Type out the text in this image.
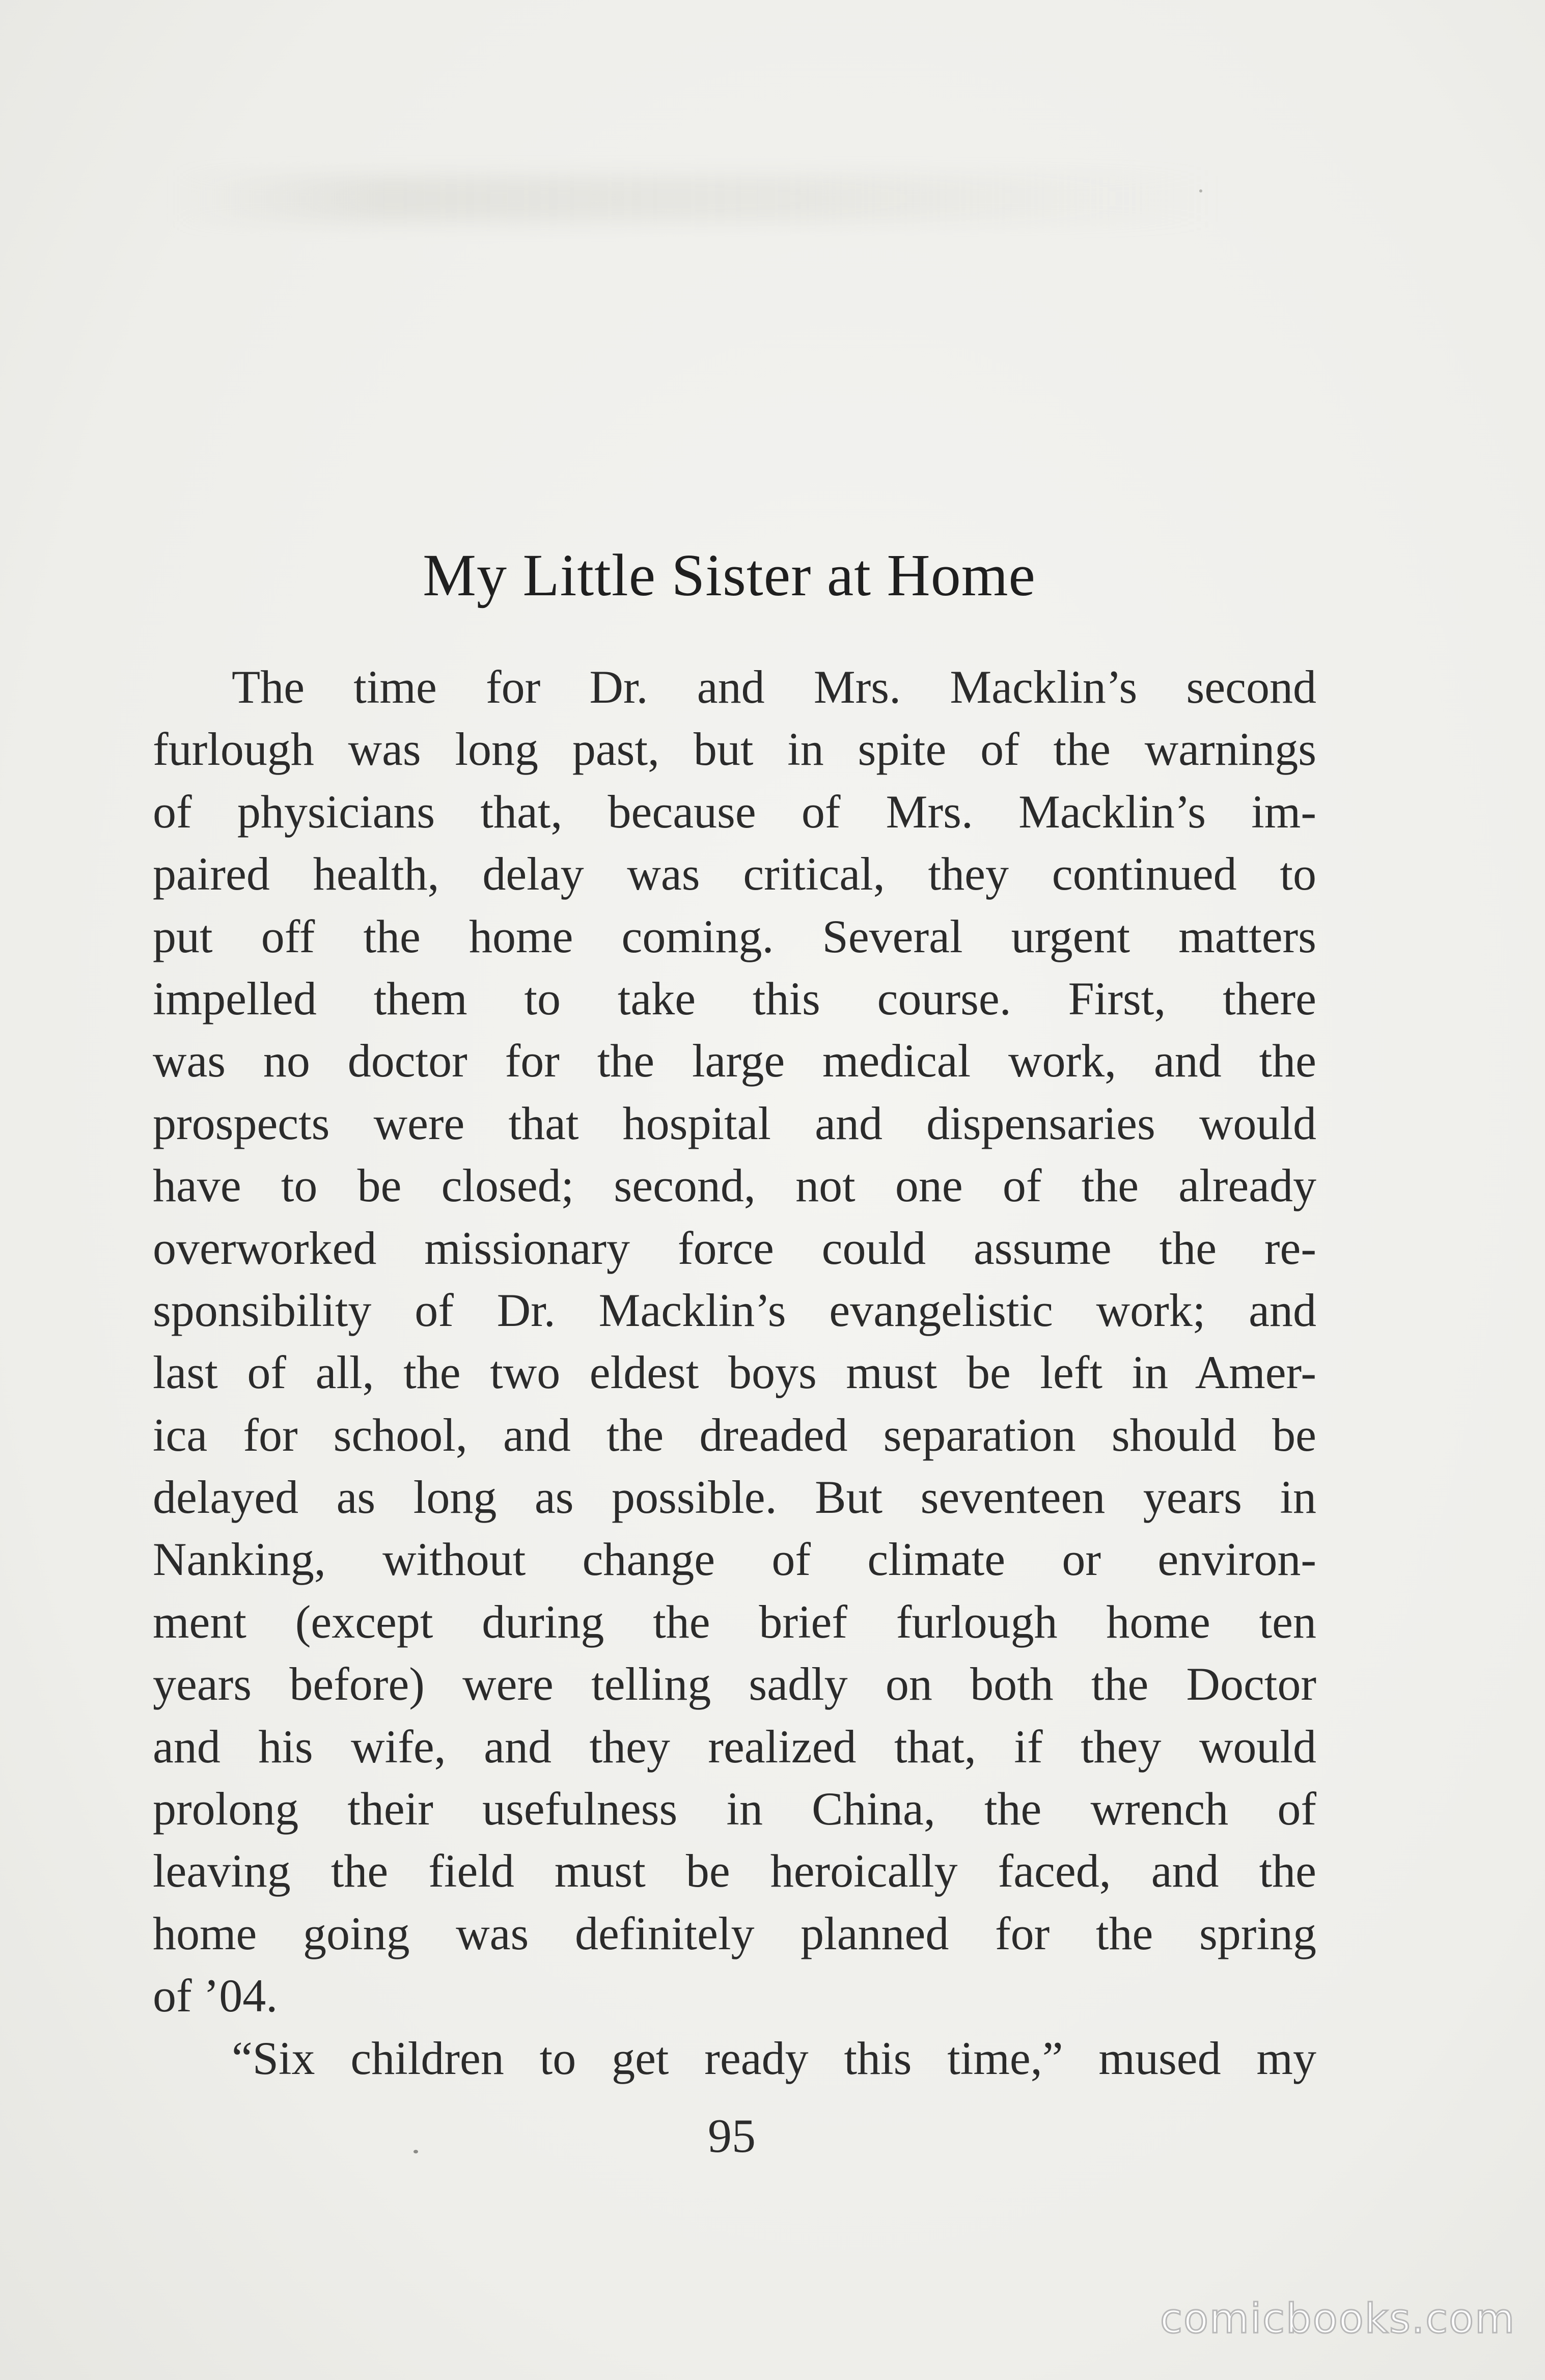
My Little Sister at Home
The time for Dr. and Mrs. Macklin’s second
furlough was long past, but in spite of the warnings
of physicians that, because of Mrs. Macklin’s im-
paired health, delay was critical, they continued to
put off the home coming. Several urgent matters
impelled them to take this course. First, there
was no doctor for the large medical work, and the
prospects were that hospital and dispensaries would
have to be closed; second, not one of the already
overworked missionary force could assume the re-
sponsibility of Dr. Macklin’s evangelistic work; and
last of all, the two eldest boys must be left in Amer-
ica for school, and the dreaded separation should be
delayed as long as possible. But seventeen years in
Nanking, without change of climate or environ-
ment (except during the brief furlough home ten
years before) were telling sadly on both the Doctor
and his wife, and they realized that, if they would
prolong their usefulness in China, the wrench of
leaving the field must be heroically faced, and the
home going was definitely planned for the spring
of ’04.
“Six children to get ready this time,” mused my
95
comicbooks.com
